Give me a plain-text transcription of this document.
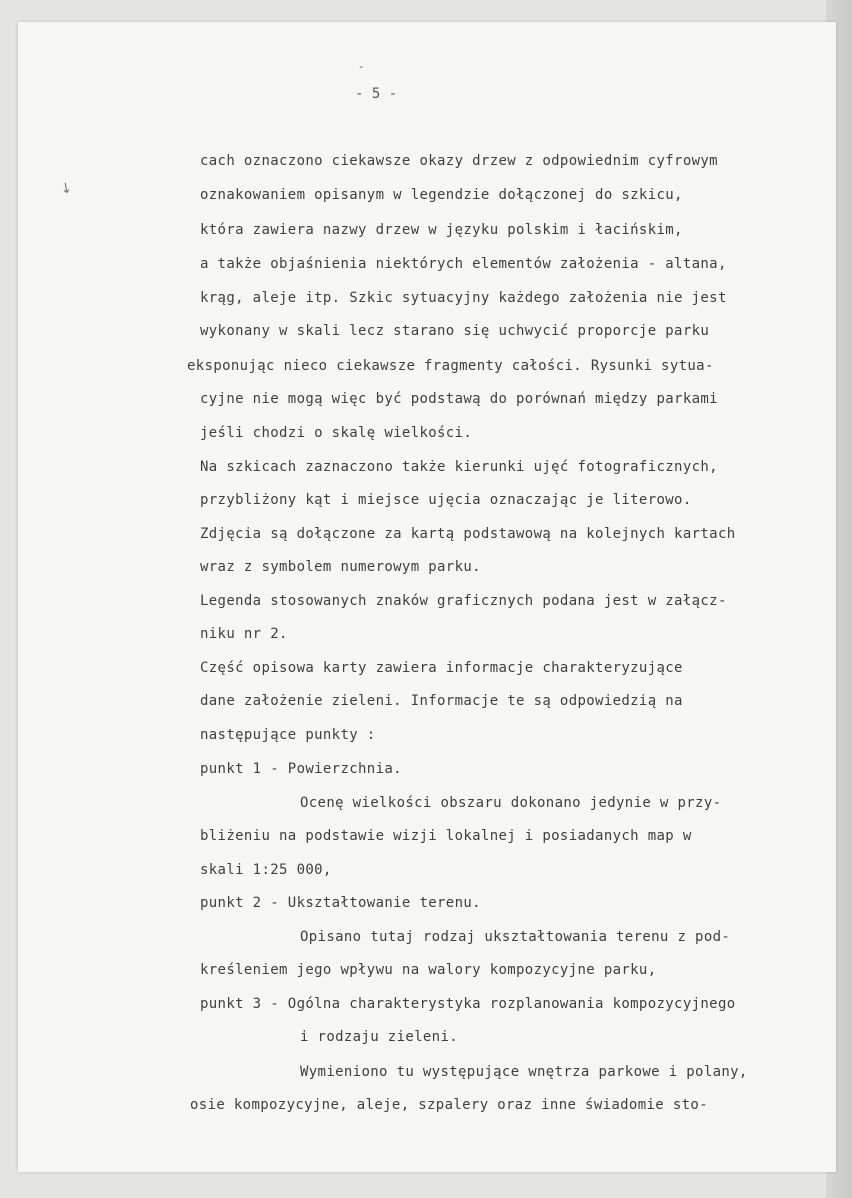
-
- 5 -
↘
cach oznaczono ciekawsze okazy drzew z odpowiednim cyfrowym
oznakowaniem opisanym w legendzie dołączonej do szkicu,
która zawiera nazwy drzew w języku polskim i łacińskim,
a także objaśnienia niektórych elementów założenia - altana,
krąg, aleje itp. Szkic sytuacyjny każdego założenia nie jest
wykonany w skali lecz starano się uchwycić proporcje parku
eksponując nieco ciekawsze fragmenty całości. Rysunki sytua-
cyjne nie mogą więc być podstawą do porównań między parkami
jeśli chodzi o skalę wielkości.
Na szkicach zaznaczono także kierunki ujęć fotograficznych,
przybliżony kąt i miejsce ujęcia oznaczając je literowo.
Zdjęcia są dołączone za kartą podstawową na kolejnych kartach
wraz z symbolem numerowym parku.
Legenda stosowanych znaków graficznych podana jest w załącz-
niku nr 2.
Część opisowa karty zawiera informacje charakteryzujące
dane założenie zieleni. Informacje te są odpowiedzią na
następujące punkty :
punkt 1 - Powierzchnia.
Ocenę wielkości obszaru dokonano jedynie w przy-
bliżeniu na podstawie wizji lokalnej i posiadanych map w
skali 1:25 000,
punkt 2 - Ukształtowanie terenu.
Opisano tutaj rodzaj ukształtowania terenu z pod-
kreśleniem jego wpływu na walory kompozycyjne parku,
punkt 3 - Ogólna charakterystyka rozplanowania kompozycyjnego
i rodzaju zieleni.
Wymieniono tu występujące wnętrza parkowe i polany,
osie kompozycyjne, aleje, szpalery oraz inne świadomie sto-
